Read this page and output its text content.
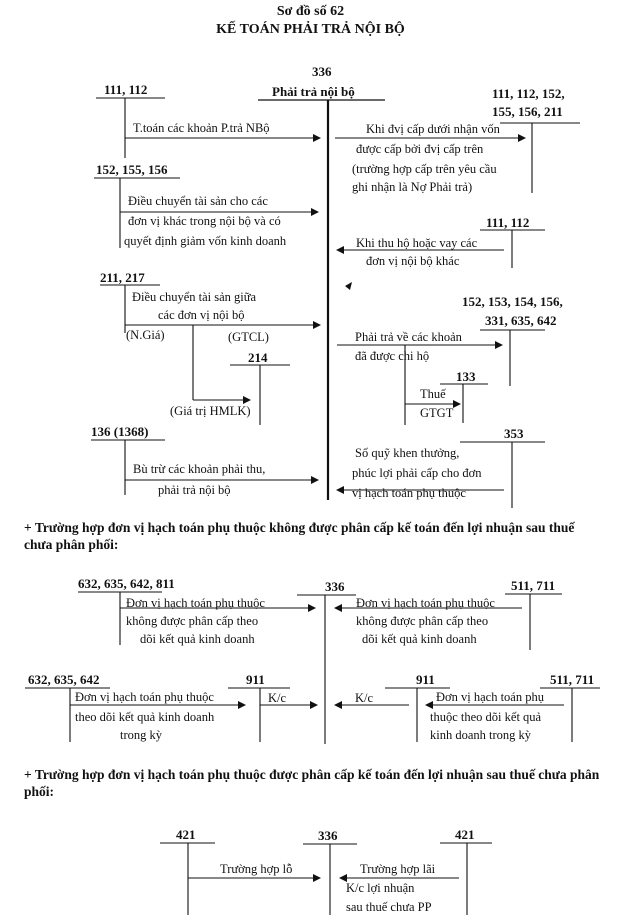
Sơ đồ số 62
KẾ TOÁN PHẢI TRẢ NỘI BỘ
336
Phải trả nội bộ
111, 112
T.toán các khoản P.trả NBộ
152, 155, 156
Điều chuyển tài sản cho các
đơn vị khác trong nội bộ và có
quyết định giảm vốn kinh doanh
211, 217
Điều chuyển tài sản giữa
các đơn vị nội bộ
(N.Giá)	(GTCL)
214
(Giá trị HMLK)
136 (1368)
Bù trừ các khoản phải thu,
phải trả nội bộ
111, 112, 152,
155, 156, 211
Khi đvị cấp dưới nhận vốn
được cấp bởi đvị cấp trên
(trường hợp cấp trên yêu cầu
ghi nhận là Nợ Phải trả)
111, 112
Khi thu hộ hoặc vay các
đơn vị nội bộ khác
152, 153, 154, 156,
331, 635, 642
Phải trả về các khoản
đã được chi hộ
133
Thuế
GTGT
353
Số quỹ khen thưởng,
phúc lợi phải cấp cho đơn
vị hạch toán phụ thuộc
+ Trường hợp đơn vị hạch toán phụ thuộc không được phân cấp kế toán đến lợi nhuận sau thuế chưa phân phối:
632, 635, 642, 811
Đơn vị hạch toán phụ thuộc
không được phân cấp theo
dõi kết quả kinh doanh
336	511, 711
Đơn vị hạch toán phụ thuộc
không được phân cấp theo
dõi kết quả kinh doanh
632, 635, 642
Đơn vị hạch toán phụ thuộc
theo dõi kết quả kinh doanh
trong kỳ
911
K/c	K/c
911	511, 711
Đơn vị hạch toán phụ
thuộc theo dõi kết quả
kinh doanh trong kỳ
+ Trường hợp đơn vị hạch toán phụ thuộc được phân cấp kế toán đến lợi nhuận sau thuế chưa phân phối:
421
Trường hợp lỗ
336	421
Trường hợp lãi
K/c lợi nhuận
sau thuế chưa PP
